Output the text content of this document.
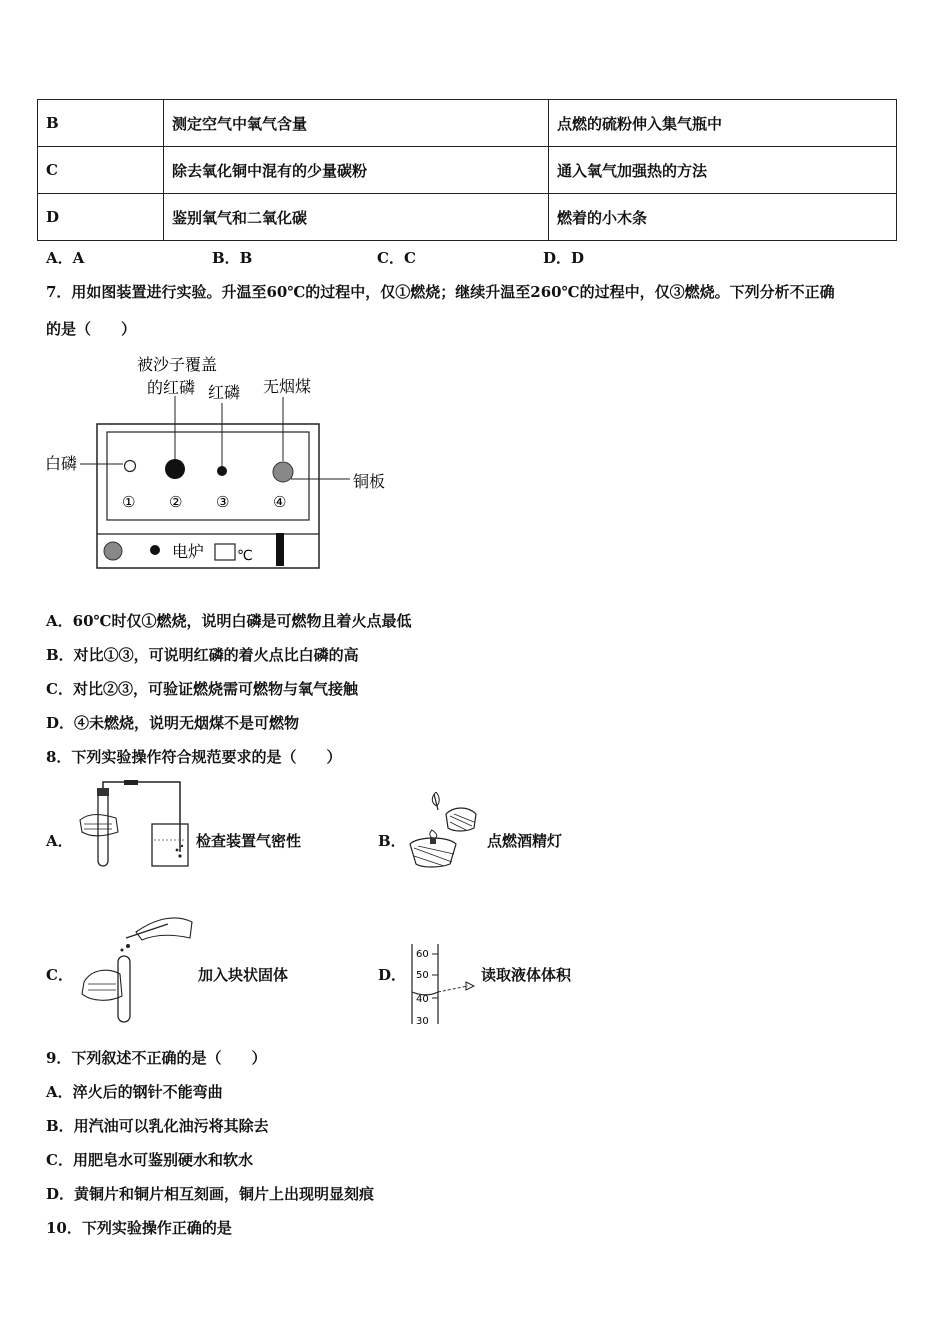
B	测定空气中氧气含量	点燃的硫粉伸入集气瓶中
C	除去氧化铜中混有的少量碳粉	通入氧气加强热的方法
D	鉴别氧气和二氧化碳	燃着的小木条
A．A	B．B	C．C	D．D
7．用如图装置进行实验。升温至60℃的过程中，仅①燃烧；继续升温至260℃的过程中，仅③燃烧。下列分析不正确
的是（　　）
被沙子覆盖
的红磷 红磷 无烟煤
白磷
铜板
① ② ③	④
电炉 ℃
A．60℃时仅①燃烧，说明白磷是可燃物且着火点最低
B．对比①③，可说明红磷的着火点比白磷的高
C．对比②③，可验证燃烧需可燃物与氧气接触
D．④未燃烧，说明无烟煤不是可燃物
8．下列实验操作符合规范要求的是（　　）
A．	检查装置气密性	B．	点燃酒精灯
C．	加入块状固体	D．
60
50
40
30
读取液体体积
9．下列叙述不正确的是（　　）
A．淬火后的钢针不能弯曲
B．用汽油可以乳化油污将其除去
C．用肥皂水可鉴别硬水和软水
D．黄铜片和铜片相互刻画，铜片上出现明显刻痕
10．下列实验操作正确的是
